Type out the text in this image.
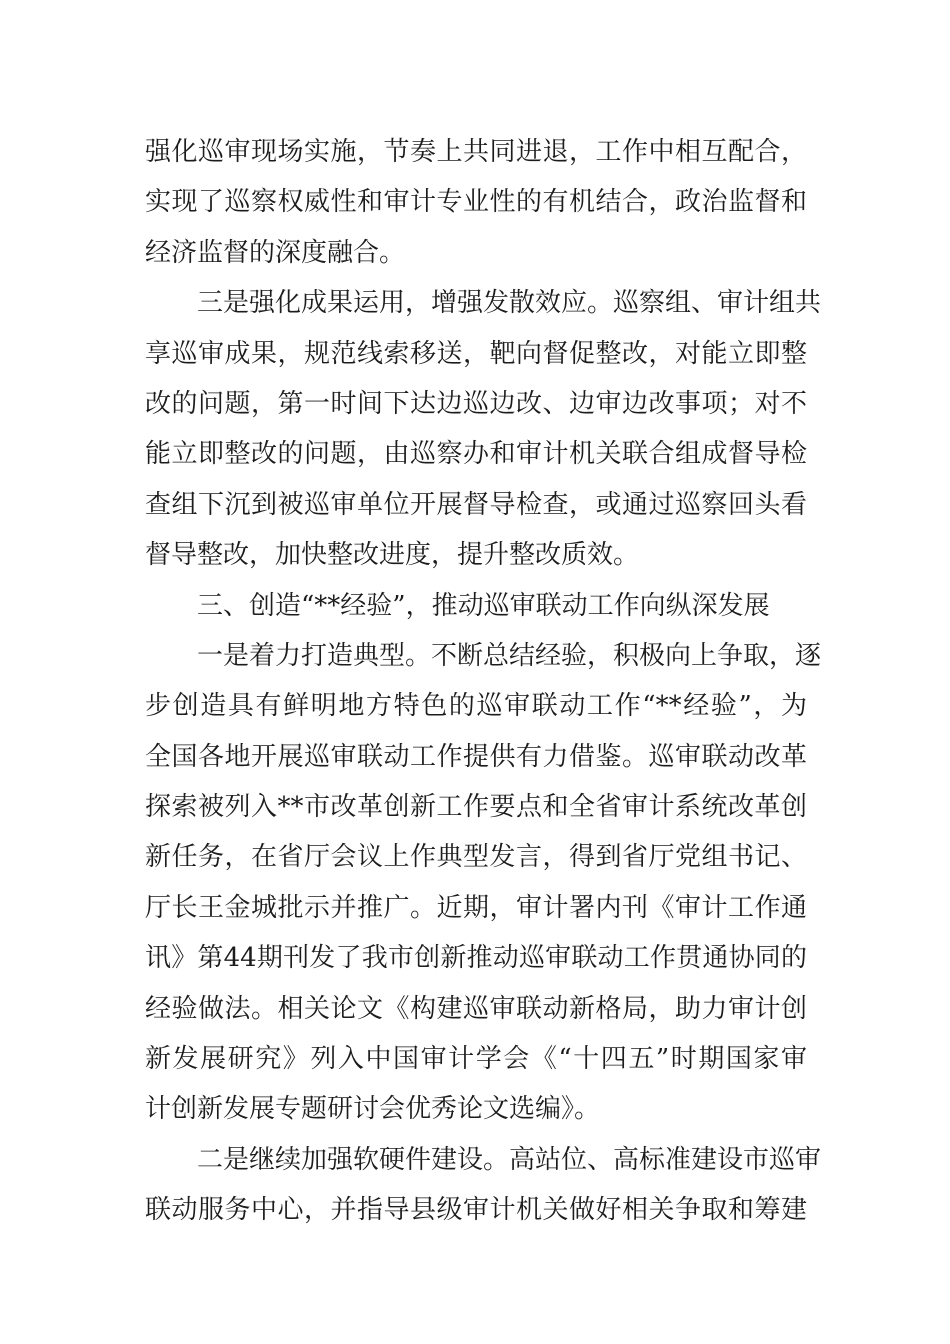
强化巡审现场实施，节奏上共同进退，工作中相互配合，
实现了巡察权威性和审计专业性的有机结合，政治监督和
经济监督的深度融合。
三是强化成果运用，增强发散效应。巡察组、审计组共
享巡审成果，规范线索移送，靶向督促整改，对能立即整
改的问题，第一时间下达边巡边改、边审边改事项；对不
能立即整改的问题，由巡察办和审计机关联合组成督导检
查组下沉到被巡审单位开展督导检查，或通过巡察回头看
督导整改，加快整改进度，提升整改质效。
三、创造“**经验”，推动巡审联动工作向纵深发展
一是着力打造典型。不断总结经验，积极向上争取，逐
步创造具有鲜明地方特色的巡审联动工作“**经验”，为
全国各地开展巡审联动工作提供有力借鉴。巡审联动改革
探索被列入**市改革创新工作要点和全省审计系统改革创
新任务，在省厅会议上作典型发言，得到省厅党组书记、
厅长王金城批示并推广。近期，审计署内刊《审计工作通
讯》第44期刊发了我市创新推动巡审联动工作贯通协同的
经验做法。相关论文《构建巡审联动新格局，助力审计创
新发展研究》列入中国审计学会《“十四五”时期国家审
计创新发展专题研讨会优秀论文选编》。
二是继续加强软硬件建设。高站位、高标准建设市巡审
联动服务中心，并指导县级审计机关做好相关争取和筹建
